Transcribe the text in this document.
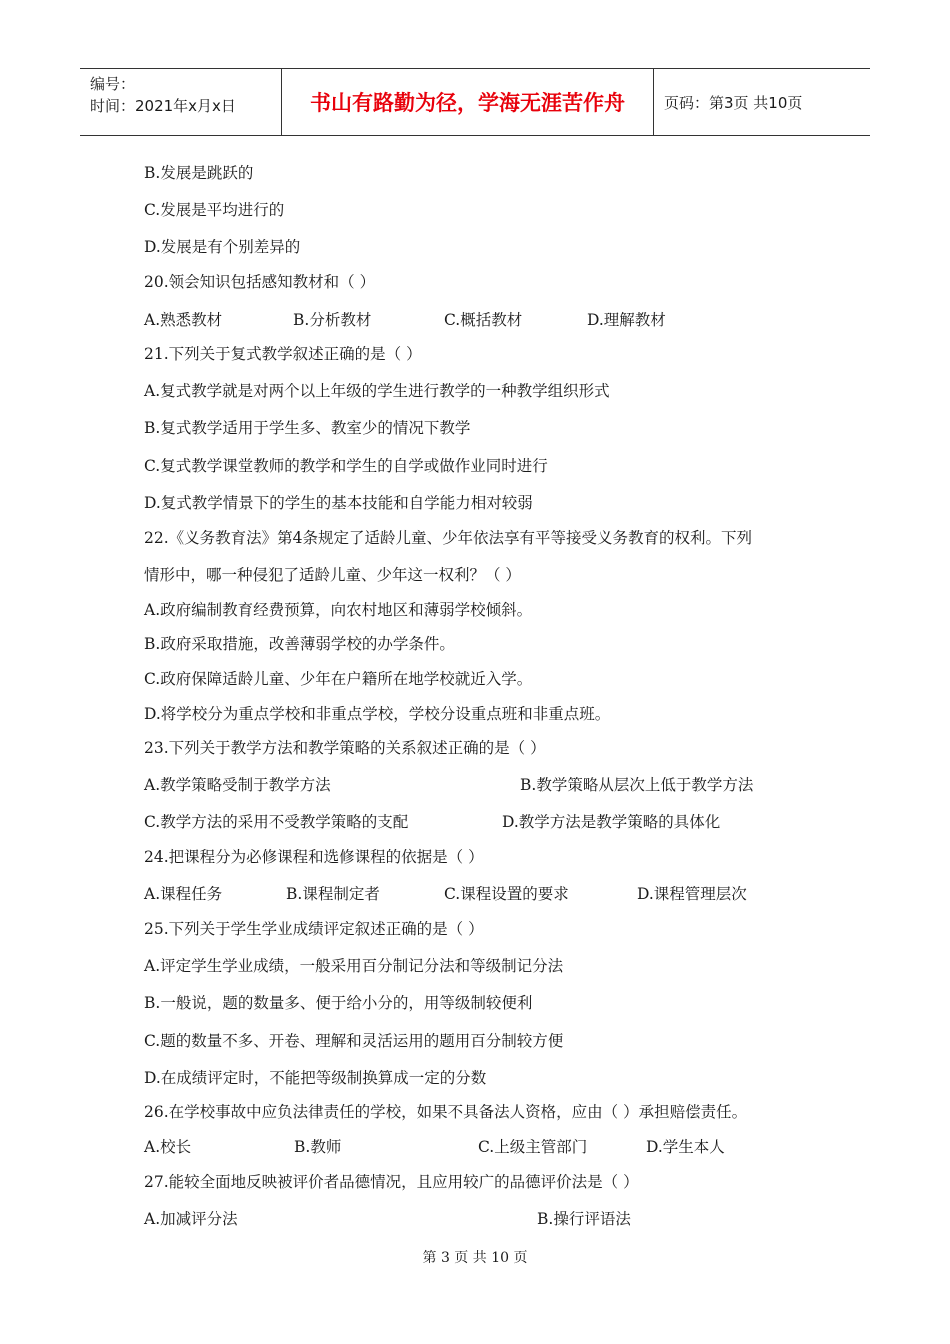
编号：
时间：2021年x月x日	书山有路勤为径，学海无涯苦作舟	页码：第3页 共10页
B.发展是跳跃的
C.发展是平均进行的
D.发展是有个别差异的
20.领会知识包括感知教材和（ ）
A.熟悉教材	B.分析教材	C.概括教材	D.理解教材
21.下列关于复式教学叙述正确的是（ ）
A.复式教学就是对两个以上年级的学生进行教学的一种教学组织形式
B.复式教学适用于学生多、教室少的情况下教学
C.复式教学课堂教师的教学和学生的自学或做作业同时进行
D.复式教学情景下的学生的基本技能和自学能力相对较弱
22.《义务教育法》第4条规定了适龄儿童、少年依法享有平等接受义务教育的权利。下列
情形中，哪一种侵犯了适龄儿童、少年这一权利？（ ）
A.政府编制教育经费预算，向农村地区和薄弱学校倾斜。
B.政府采取措施，改善薄弱学校的办学条件。
C.政府保障适龄儿童、少年在户籍所在地学校就近入学。
D.将学校分为重点学校和非重点学校，学校分设重点班和非重点班。
23.下列关于教学方法和教学策略的关系叙述正确的是（ ）
A.教学策略受制于教学方法	B.教学策略从层次上低于教学方法
C.教学方法的采用不受教学策略的支配	D.教学方法是教学策略的具体化
24.把课程分为必修课程和选修课程的依据是（ ）
A.课程任务	B.课程制定者	C.课程设置的要求	D.课程管理层次
25.下列关于学生学业成绩评定叙述正确的是（ ）
A.评定学生学业成绩，一般采用百分制记分法和等级制记分法
B.一般说，题的数量多、便于给小分的，用等级制较便利
C.题的数量不多、开卷、理解和灵活运用的题用百分制较方便
D.在成绩评定时，不能把等级制换算成一定的分数
26.在学校事故中应负法律责任的学校，如果不具备法人资格，应由（ ）承担赔偿责任。
A.校长	B.教师	C.上级主管部门	D.学生本人
27.能较全面地反映被评价者品德情况，且应用较广的品德评价法是（ ）
A.加减评分法	B.操行评语法
第 3 页 共 10 页
